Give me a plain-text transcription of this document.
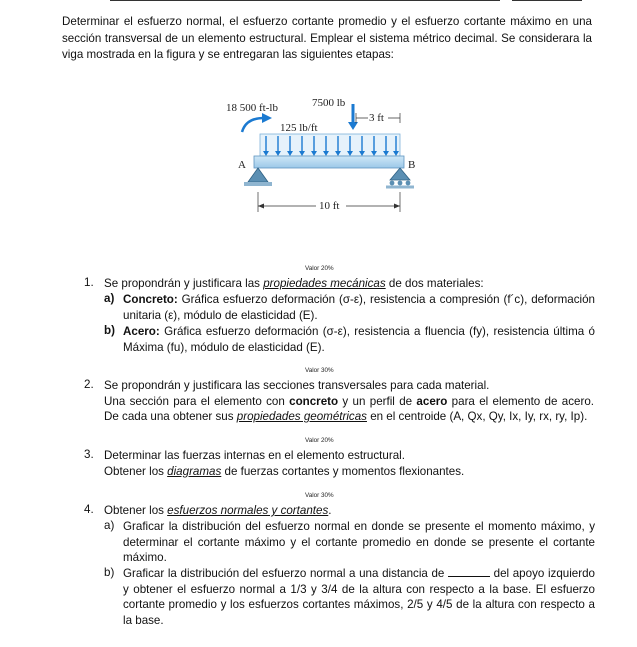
Determinar el esfuerzo normal, el esfuerzo cortante promedio y el esfuerzo cortante máximo en una sección transversal de un elemento estructural. Emplear el sistema métrico decimal. Se considerara la viga mostrada en la figura y se entregaran las siguientes etapas:
18 500 ft-lb	7500 lb
3 ft
125 lb/ft
A	B
10 ft
Valor 20%
1. Se propondrán y justificara las propiedades mecánicas de dos materiales:
a) Concreto: Gráfica esfuerzo deformación (σ-ε), resistencia a compresión (f´c), deformación unitaria (ε), módulo de elasticidad (E).
b) Acero: Gráfica esfuerzo deformación (σ-ε), resistencia a fluencia (fy), resistencia última ó Máxima (fu), módulo de elasticidad (E).
Valor 30%
2. Se propondrán y justificara las secciones transversales para cada material.
Una sección para el elemento con concreto y un perfil de acero para el elemento de acero. De cada una obtener sus propiedades geométricas en el centroide (A, Qx, Qy, Ix, Iy, rx, ry, Ip).
Valor 20%
3. Determinar las fuerzas internas en el elemento estructural.
Obtener los diagramas de fuerzas cortantes y momentos flexionantes.
Valor 30%
4. Obtener los esfuerzos normales y cortantes.
a) Graficar la distribución del esfuerzo normal en donde se presente el momento máximo, y determinar el cortante máximo y el cortante promedio en donde se presente el cortante máximo.
b) Graficar la distribución del esfuerzo normal a una distancia de	del apoyo izquierdo y obtener el esfuerzo normal a 1/3 y 3/4 de la altura con respecto a la base. El esfuerzo cortante promedio y los esfuerzos cortantes máximos, 2/5 y 4/5 de la altura con respecto a la base.
